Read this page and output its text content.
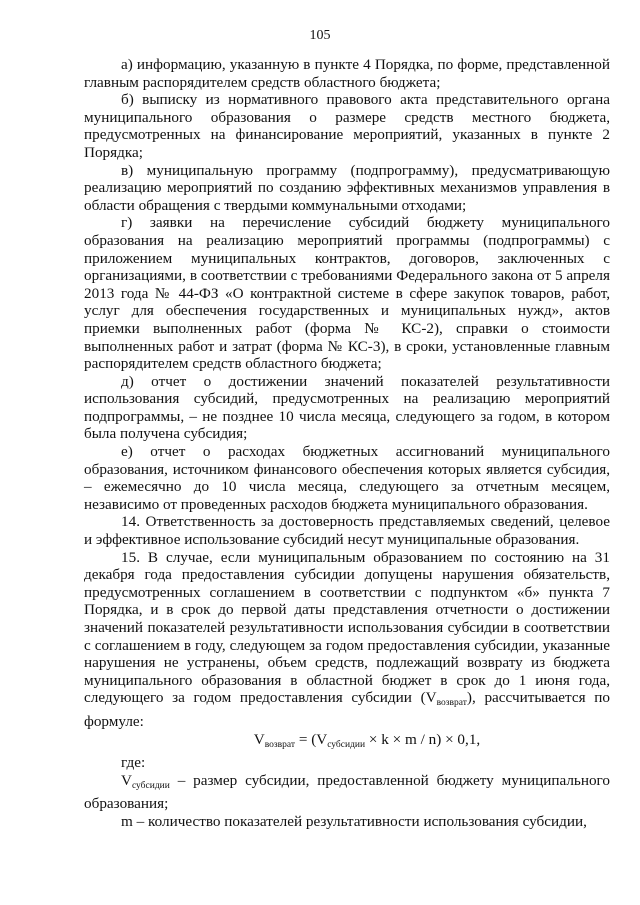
105

а) информацию, указанную в пункте 4 Порядка, по форме, представленной главным распорядителем средств областного бюджета;

б) выписку из нормативного правового акта представительного органа муниципального образования о размере средств местного бюджета, предусмотренных на финансирование мероприятий, указанных в пункте 2 Порядка;

в) муниципальную программу (подпрограмму), предусматривающую реализацию мероприятий по созданию эффективных механизмов управления в области обращения с твердыми коммунальными отходами;

г) заявки на перечисление субсидий бюджету муниципального образования на реализацию мероприятий программы (подпрограммы) с приложением муниципальных контрактов, договоров, заключенных с организациями, в соответствии с требованиями Федерального закона от 5 апреля 2013 года № 44-ФЗ «О контрактной системе в сфере закупок товаров, работ, услуг для обеспечения государственных и муниципальных нужд», актов приемки выполненных работ (форма № КС-2), справки о стоимости выполненных работ и затрат (форма № КС-3), в сроки, установленные главным распорядителем средств областного бюджета;

д) отчет о достижении значений показателей результативности использования субсидий, предусмотренных на реализацию мероприятий подпрограммы, – не позднее 10 числа месяца, следующего за годом, в котором была получена субсидия;

е) отчет о расходах бюджетных ассигнований муниципального образования, источником финансового обеспечения которых является субсидия, – ежемесячно до 10 числа месяца, следующего за отчетным месяцем, независимо от проведенных расходов бюджета муниципального образования.

14. Ответственность за достоверность представляемых сведений, целевое и эффективное использование субсидий несут муниципальные образования.

15. В случае, если муниципальным образованием по состоянию на 31 декабря года предоставления субсидии допущены нарушения обязательств, предусмотренных соглашением в соответствии с подпунктом «б» пункта 7 Порядка, и в срок до первой даты представления отчетности о достижении значений показателей результативности использования субсидии в соответствии с соглашением в году, следующем за годом предоставления субсидии, указанные нарушения не устранены, объем средств, подлежащий возврату из бюджета муниципального образования в областной бюджет в срок до 1 июня года, следующего за годом предоставления субсидии $(V_{возврат})$, рассчитывается по формуле:

$V_{возврат} = (V_{субсидии} \times k \times m / n) \times 0,1$,

где:

$V_{субсидии}$ – размер субсидии, предоставленной бюджету муниципального образования;

m – количество показателей результативности использования субсидии,
